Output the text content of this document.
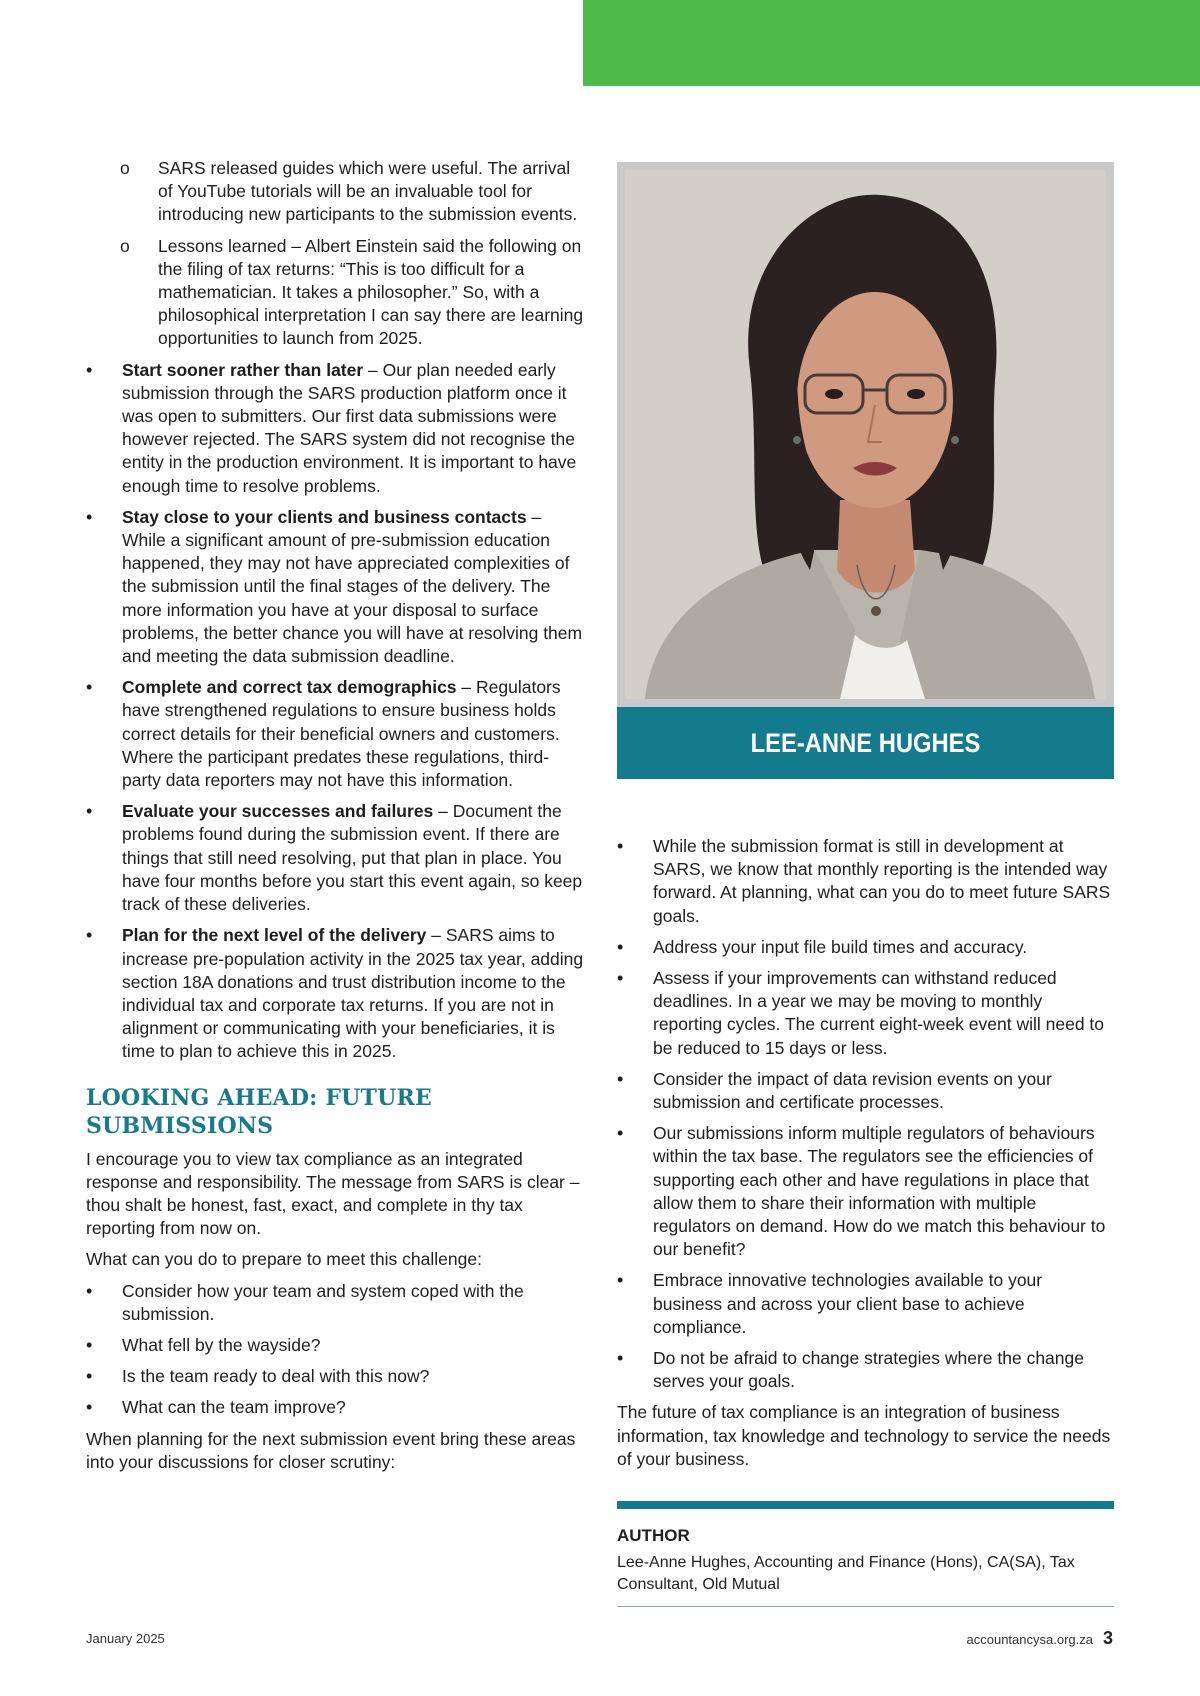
o SARS released guides which were useful. The arrival of YouTube tutorials will be an invaluable tool for introducing new participants to the submission events.
o Lessons learned – Albert Einstein said the following on the filing of tax returns: “This is too difficult for a mathematician. It takes a philosopher.” So, with a philosophical interpretation I can say there are learning opportunities to launch from 2025.
• Start sooner rather than later – Our plan needed early submission through the SARS production platform once it was open to submitters. Our first data submissions were however rejected. The SARS system did not recognise the entity in the production environment. It is important to have enough time to resolve problems.
• Stay close to your clients and business contacts – While a significant amount of pre-submission education happened, they may not have appreciated complexities of the submission until the final stages of the delivery. The more information you have at your disposal to surface problems, the better chance you will have at resolving them and meeting the data submission deadline.
• Complete and correct tax demographics – Regulators have strengthened regulations to ensure business holds correct details for their beneficial owners and customers. Where the participant predates these regulations, third-party data reporters may not have this information.
• Evaluate your successes and failures – Document the problems found during the submission event. If there are things that still need resolving, put that plan in place. You have four months before you start this event again, so keep track of these deliveries.
• Plan for the next level of the delivery – SARS aims to increase pre-population activity in the 2025 tax year, adding section 18A donations and trust distribution income to the individual tax and corporate tax returns. If you are not in alignment or communicating with your beneficiaries, it is time to plan to achieve this in 2025.
LOOKING AHEAD: FUTURE SUBMISSIONS

I encourage you to view tax compliance as an integrated response and responsibility. The message from SARS is clear – thou shalt be honest, fast, exact, and complete in thy tax reporting from now on.

What can you do to prepare to meet this challenge:

• Consider how your team and system coped with the submission.
• What fell by the wayside?
• Is the team ready to deal with this now?
• What can the team improve?

When planning for the next submission event bring these areas into your discussions for closer scrutiny:

LEE-ANNE HUGHES
• While the submission format is still in development at SARS, we know that monthly reporting is the intended way forward. At planning, what can you do to meet future SARS goals.
• Address your input file build times and accuracy.
• Assess if your improvements can withstand reduced deadlines. In a year we may be moving to monthly reporting cycles. The current eight-week event will need to be reduced to 15 days or less.
• Consider the impact of data revision events on your submission and certificate processes.
• Our submissions inform multiple regulators of behaviours within the tax base. The regulators see the efficiencies of supporting each other and have regulations in place that allow them to share their information with multiple regulators on demand. How do we match this behaviour to our benefit?
• Embrace innovative technologies available to your business and across your client base to achieve compliance.
• Do not be afraid to change strategies where the change serves your goals.

The future of tax compliance is an integration of business information, tax knowledge and technology to service the needs of your business.

AUTHOR
Lee-Anne Hughes, Accounting and Finance (Hons), CA(SA), Tax Consultant, Old Mutual
January 2025	accountancysa.org.za 3
